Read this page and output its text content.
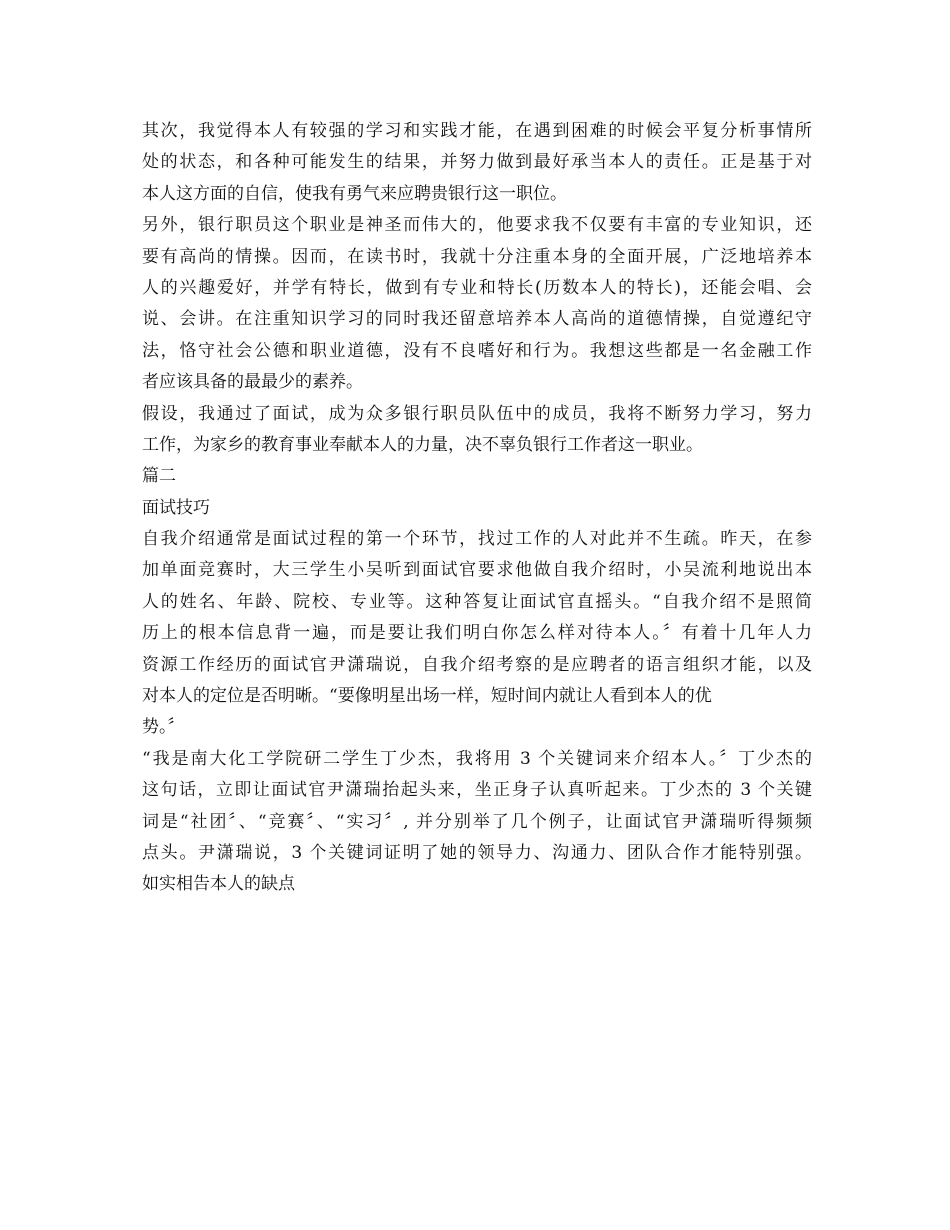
其次，我觉得本人有较强的学习和实践才能，在遇到困难的时候会平复分析事情所
处的状态，和各种可能发生的结果，并努力做到最好承当本人的责任。正是基于对
本人这方面的自信，使我有勇气来应聘贵银行这一职位。
另外，银行职员这个职业是神圣而伟大的，他要求我不仅要有丰富的专业知识，还
要有高尚的情操。因而，在读书时，我就十分注重本身的全面开展，广泛地培养本
人的兴趣爱好，并学有特长，做到有专业和特长(历数本人的特长)，还能会唱、会
说、会讲。在注重知识学习的同时我还留意培养本人高尚的道德情操，自觉遵纪守
法，恪守社会公德和职业道德，没有不良嗜好和行为。我想这些都是一名金融工作
者应该具备的最最少的素养。
假设，我通过了面试，成为众多银行职员队伍中的成员，我将不断努力学习，努力
工作，为家乡的教育事业奉献本人的力量，决不辜负银行工作者这一职业。
篇二
面试技巧
自我介绍通常是面试过程的第一个环节，找过工作的人对此并不生疏。昨天，在参
加单面竞赛时，大三学生小吴听到面试官要求他做自我介绍时，小吴流利地说出本
人的姓名、年龄、院校、专业等。这种答复让面试官直摇头。“自我介绍不是照简
历上的根本信息背一遍，而是要让我们明白你怎么样对待本人。〞有着十几年人力
资源工作经历的面试官尹潇瑞说，自我介绍考察的是应聘者的语言组织才能，以及
对本人的定位是否明晰。“要像明星出场一样，短时间内就让人看到本人的优
势。〞
“我是南大化工学院研二学生丁少杰，我将用 3 个关键词来介绍本人。〞丁少杰的
这句话，立即让面试官尹潇瑞抬起头来，坐正身子认真听起来。丁少杰的 3 个关键
词是“社团〞、“竞赛〞、“实习〞, 并分别举了几个例子，让面试官尹潇瑞听得频频
点头。尹潇瑞说，3 个关键词证明了她的领导力、沟通力、团队合作才能特别强。
如实相告本人的缺点
